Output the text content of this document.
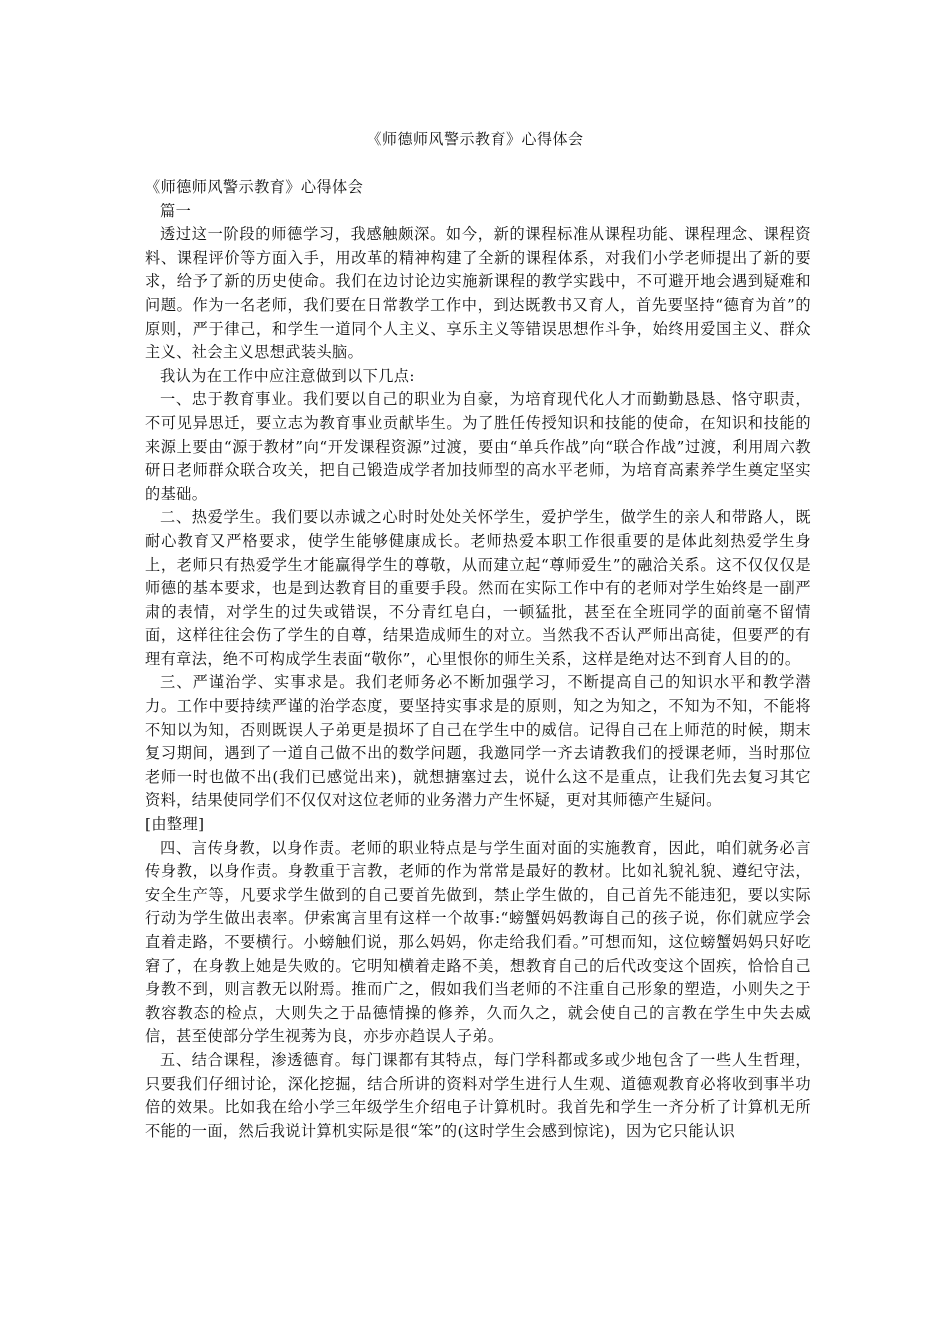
《师德师风警示教育》心得体会

《师德师风警示教育》心得体会

篇一

透过这一阶段的师德学习，我感触颇深。如今，新的课程标准从课程功能、课程理念、课程资料、课程评价等方面入手，用改革的精神构建了全新的课程体系，对我们小学老师提出了新的要求，给予了新的历史使命。我们在边讨论边实施新课程的教学实践中，不可避开地会遇到疑难和问题。作为一名老师，我们要在日常教学工作中，到达既教书又育人，首先要坚持“德育为首”的原则，严于律己，和学生一道同个人主义、享乐主义等错误思想作斗争，始终用爱国主义、群众主义、社会主义思想武装头脑。

我认为在工作中应注意做到以下几点:

一、忠于教育事业。我们要以自己的职业为自豪，为培育现代化人才而勤勤恳恳、恪守职责，不可见异思迁，要立志为教育事业贡献毕生。为了胜任传授知识和技能的使命，在知识和技能的来源上要由“源于教材”向“开发课程资源”过渡，要由“单兵作战”向“联合作战”过渡，利用周六教研日老师群众联合攻关，把自己锻造成学者加技师型的高水平老师，为培育高素养学生奠定坚实的基础。

二、热爱学生。我们要以赤诚之心时时处处关怀学生，爱护学生，做学生的亲人和带路人，既耐心教育又严格要求，使学生能够健康成长。老师热爱本职工作很重要的是体此刻热爱学生身上，老师只有热爱学生才能赢得学生的尊敬，从而建立起“尊师爱生”的融洽关系。这不仅仅仅是师德的基本要求，也是到达教育目的重要手段。然而在实际工作中有的老师对学生始终是一副严肃的表情，对学生的过失或错误，不分青红皂白，一顿猛批，甚至在全班同学的面前毫不留情面，这样往往会伤了学生的自尊，结果造成师生的对立。当然我不否认严师出高徒，但要严的有理有章法，绝不可构成学生表面“敬你”，心里恨你的师生关系，这样是绝对达不到育人目的的。

三、严谨治学、实事求是。我们老师务必不断加强学习，不断提高自己的知识水平和教学潜力。工作中要持续严谨的治学态度，要坚持实事求是的原则，知之为知之，不知为不知，不能将不知以为知，否则既误人子弟更是损坏了自己在学生中的威信。记得自己在上师范的时候，期末复习期间，遇到了一道自己做不出的数学问题，我邀同学一齐去请教我们的授课老师，当时那位老师一时也做不出(我们已感觉出来)，就想搪塞过去，说什么这不是重点，让我们先去复习其它资料，结果使同学们不仅仅对这位老师的业务潜力产生怀疑，更对其师德产生疑问。

[由整理]

四、言传身教，以身作责。老师的职业特点是与学生面对面的实施教育，因此，咱们就务必言传身教，以身作责。身教重于言教，老师的作为常常是最好的教材。比如礼貌礼貌、遵纪守法，安全生产等，凡要求学生做到的自己要首先做到，禁止学生做的，自己首先不能违犯，要以实际行动为学生做出表率。伊索寓言里有这样一个故事:“螃蟹妈妈教诲自己的孩子说，你们就应学会直着走路，不要横行。小螃触们说，那么妈妈，你走给我们看。”可想而知，这位螃蟹妈妈只好吃窘了，在身教上她是失败的。它明知横着走路不美，想教育自己的后代改变这个固疾，恰恰自己身教不到，则言教无以附焉。推而广之，假如我们当老师的不注重自己形象的塑造，小则失之于教容教态的检点，大则失之于品德情操的修养，久而久之，就会使自己的言教在学生中失去威信，甚至使部分学生视莠为良，亦步亦趋误人子弟。

五、结合课程，渗透德育。每门课都有其特点，每门学科都或多或少地包含了一些人生哲理，只要我们仔细讨论，深化挖掘，结合所讲的资料对学生进行人生观、道德观教育必将收到事半功倍的效果。比如我在给小学三年级学生介绍电子计算机时。我首先和学生一齐分析了计算机无所不能的一面，然后我说计算机实际是很“笨”的(这时学生会感到惊诧)，因为它只能认识
